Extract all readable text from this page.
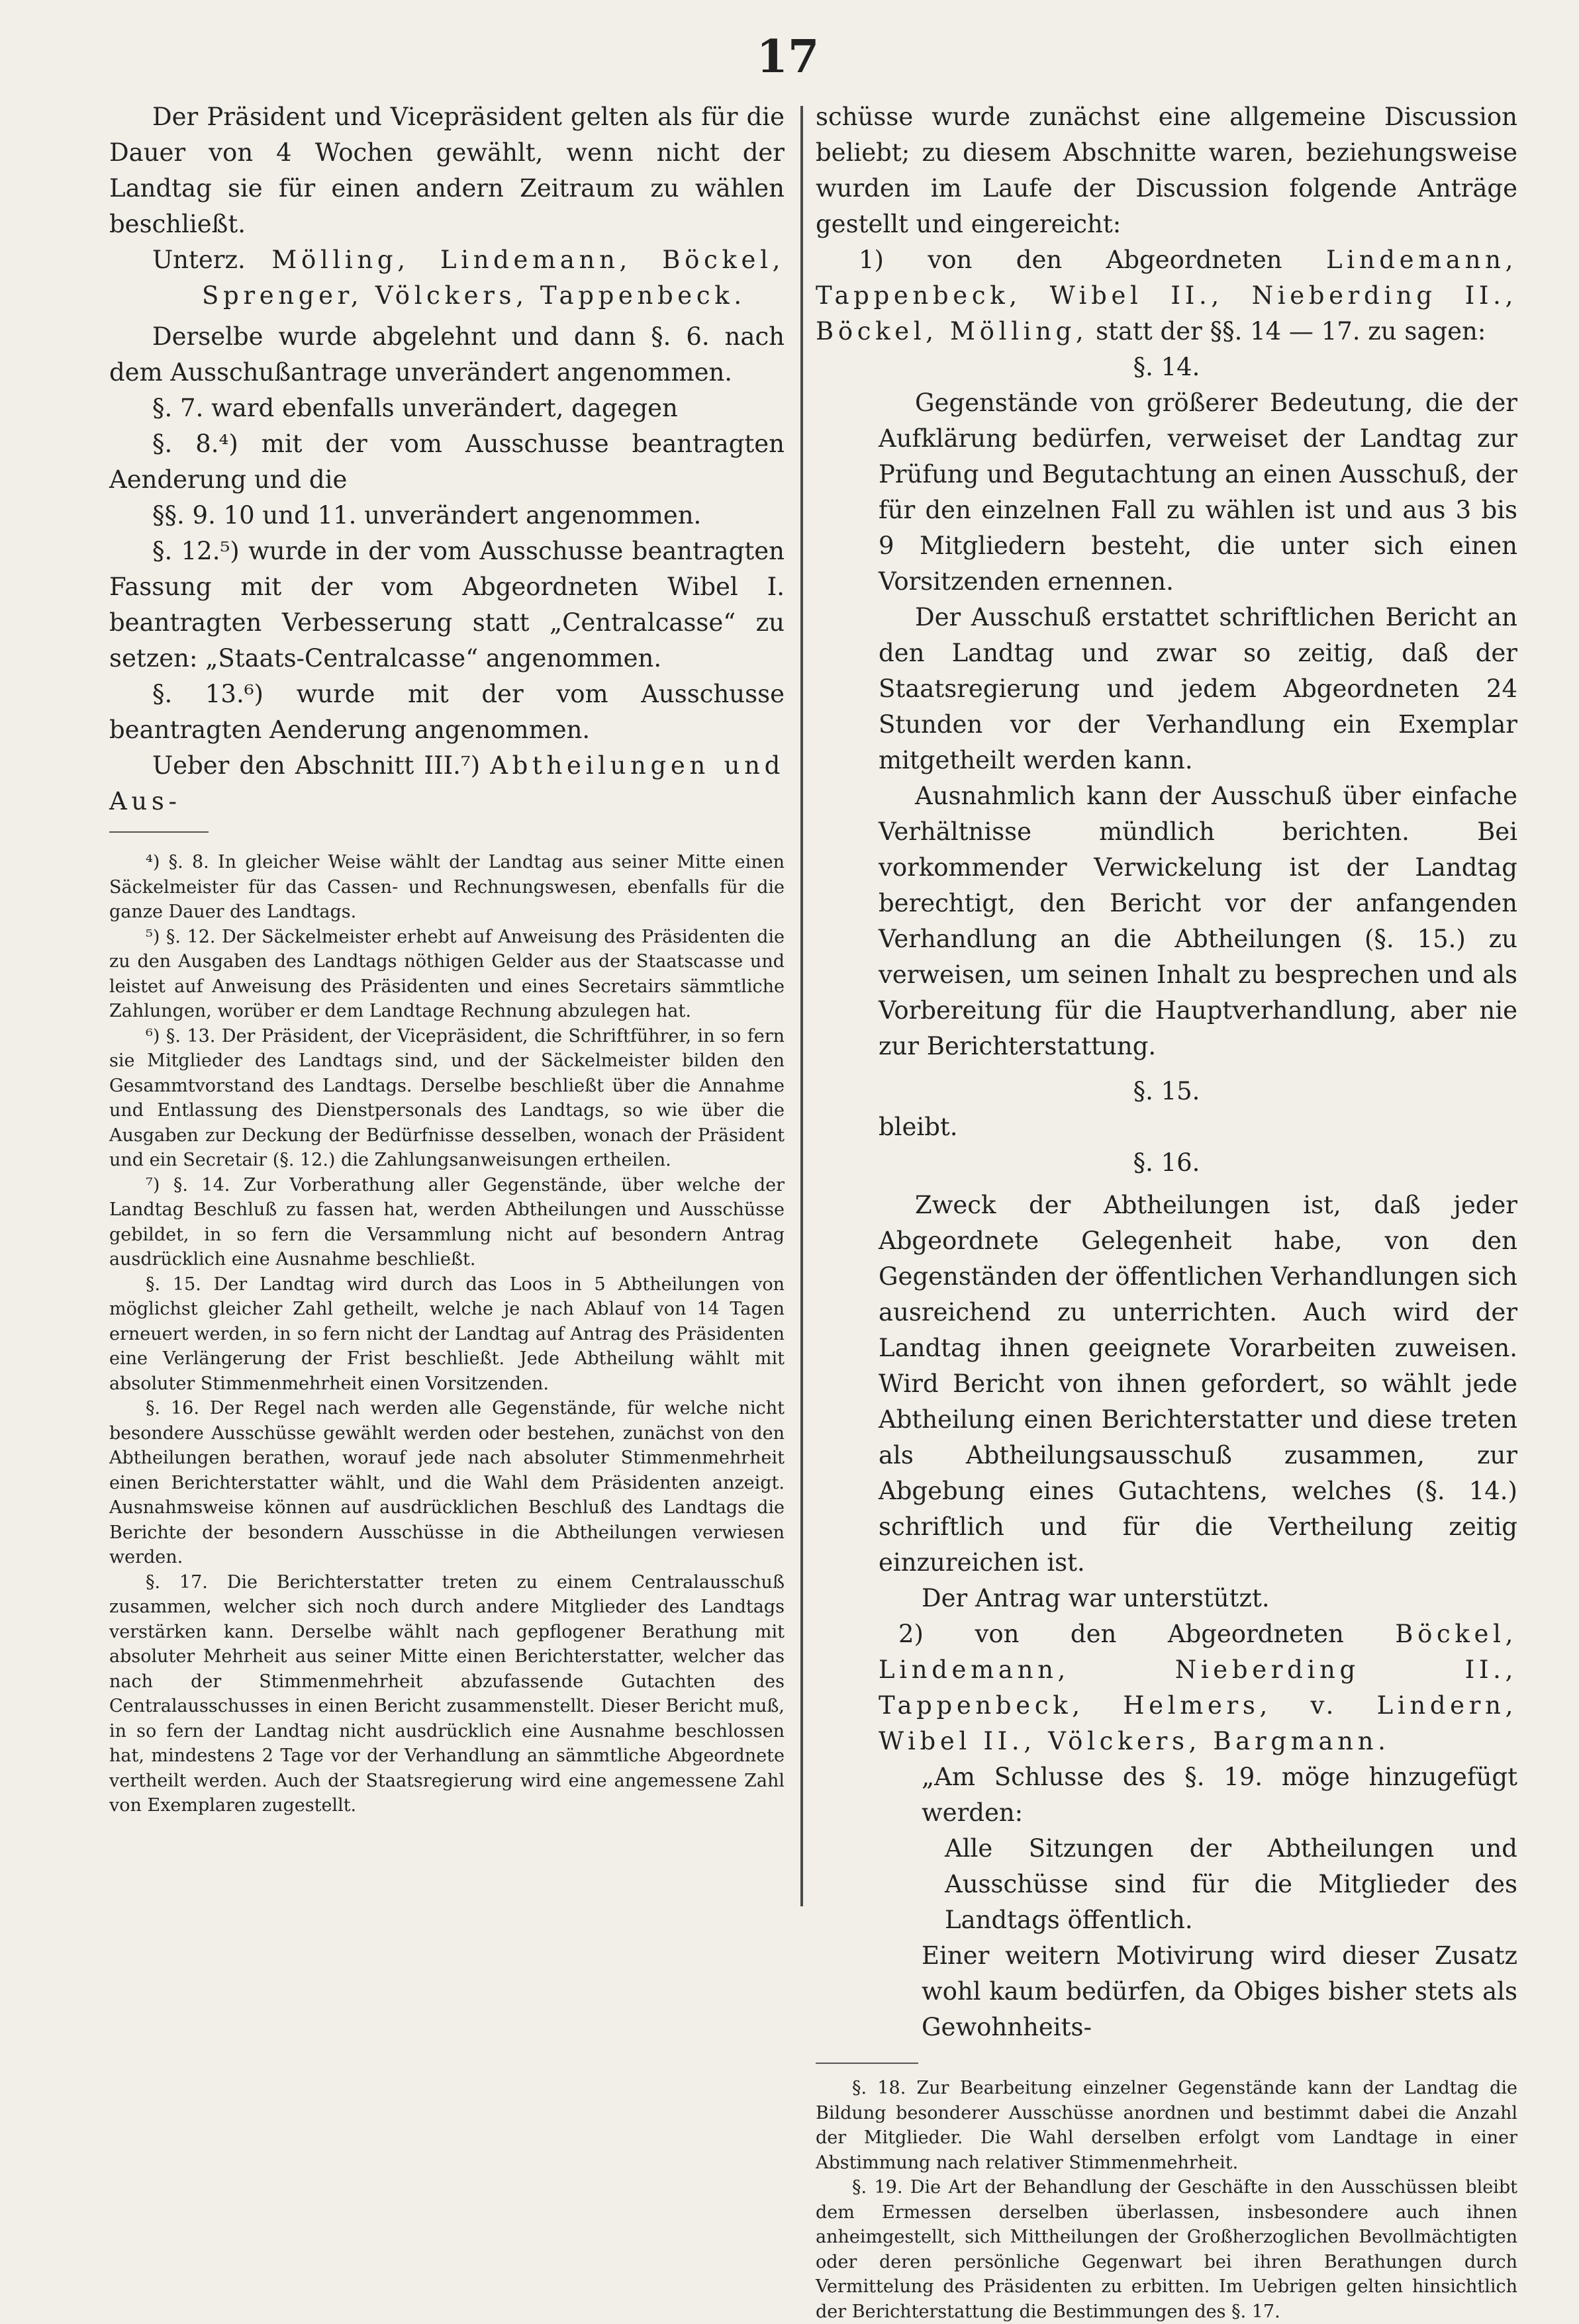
17

Der Präsident und Vicepräsident gelten als für die Dauer von 4 Wochen gewählt, wenn nicht der Landtag sie für einen andern Zeitraum zu wählen beschließt.

Unterz. Mölling, Lindemann, Böckel, Sprenger, Völckers, Tappenbeck.

Derselbe wurde abgelehnt und dann §. 6. nach dem Ausschußantrage unverändert angenommen.

§. 7. ward ebenfalls unverändert, dagegen

§. 8.⁴) mit der vom Ausschusse beantragten Aenderung und die

§§. 9. 10 und 11. unverändert angenommen.

§. 12.⁵) wurde in der vom Ausschusse beantragten Fassung mit der vom Abgeordneten Wibel I. beantragten Verbesserung statt „Centralcasse“ zu setzen: „Staats-Centralcasse“ angenommen.

§. 13.⁶) wurde mit der vom Ausschusse beantragten Aenderung angenommen.

Ueber den Abschnitt III.⁷) Abtheilungen und Aus-

⁴) §. 8. In gleicher Weise wählt der Landtag aus seiner Mitte einen Säckelmeister für das Cassen- und Rechnungswesen, ebenfalls für die ganze Dauer des Landtags.

⁵) §. 12. Der Säckelmeister erhebt auf Anweisung des Präsidenten die zu den Ausgaben des Landtags nöthigen Gelder aus der Staatscasse und leistet auf Anweisung des Präsidenten und eines Secretairs sämmtliche Zahlungen, worüber er dem Landtage Rechnung abzulegen hat.

⁶) §. 13. Der Präsident, der Vicepräsident, die Schriftführer, in so fern sie Mitglieder des Landtags sind, und der Säckelmeister bilden den Gesammtvorstand des Landtags. Derselbe beschließt über die Annahme und Entlassung des Dienstpersonals des Landtags, so wie über die Ausgaben zur Deckung der Bedürfnisse desselben, wonach der Präsident und ein Secretair (§. 12.) die Zahlungsanweisungen ertheilen.

⁷) §. 14. Zur Vorberathung aller Gegenstände, über welche der Landtag Beschluß zu fassen hat, werden Abtheilungen und Ausschüsse gebildet, in so fern die Versammlung nicht auf besondern Antrag ausdrücklich eine Ausnahme beschließt.

§. 15. Der Landtag wird durch das Loos in 5 Abtheilungen von möglichst gleicher Zahl getheilt, welche je nach Ablauf von 14 Tagen erneuert werden, in so fern nicht der Landtag auf Antrag des Präsidenten eine Verlängerung der Frist beschließt. Jede Abtheilung wählt mit absoluter Stimmenmehrheit einen Vorsitzenden.

§. 16. Der Regel nach werden alle Gegenstände, für welche nicht besondere Ausschüsse gewählt werden oder bestehen, zunächst von den Abtheilungen berathen, worauf jede nach absoluter Stimmenmehrheit einen Berichterstatter wählt, und die Wahl dem Präsidenten anzeigt. Ausnahmsweise können auf ausdrücklichen Beschluß des Landtags die Berichte der besondern Ausschüsse in die Abtheilungen verwiesen werden.

§. 17. Die Berichterstatter treten zu einem Centralausschuß zusammen, welcher sich noch durch andere Mitglieder des Landtags verstärken kann. Derselbe wählt nach gepflogener Berathung mit absoluter Mehrheit aus seiner Mitte einen Berichterstatter, welcher das nach der Stimmenmehrheit abzufassende Gutachten des Centralausschusses in einen Bericht zusammenstellt. Dieser Bericht muß, in so fern der Landtag nicht ausdrücklich eine Ausnahme beschlossen hat, mindestens 2 Tage vor der Verhandlung an sämmtliche Abgeordnete vertheilt werden. Auch der Staatsregierung wird eine angemessene Zahl von Exemplaren zugestellt.

schüsse wurde zunächst eine allgemeine Discussion beliebt; zu diesem Abschnitte waren, beziehungsweise wurden im Laufe der Discussion folgende Anträge gestellt und eingereicht:

1) von den Abgeordneten Lindemann, Tappenbeck, Wibel II., Nieberding II., Böckel, Mölling, statt der §§. 14 — 17. zu sagen:

§. 14.

Gegenstände von größerer Bedeutung, die der Aufklärung bedürfen, verweiset der Landtag zur Prüfung und Begutachtung an einen Ausschuß, der für den einzelnen Fall zu wählen ist und aus 3 bis 9 Mitgliedern besteht, die unter sich einen Vorsitzenden ernennen.

Der Ausschuß erstattet schriftlichen Bericht an den Landtag und zwar so zeitig, daß der Staatsregierung und jedem Abgeordneten 24 Stunden vor der Verhandlung ein Exemplar mitgetheilt werden kann.

Ausnahmlich kann der Ausschuß über einfache Verhältnisse mündlich berichten. Bei vorkommender Verwickelung ist der Landtag berechtigt, den Bericht vor der anfangenden Verhandlung an die Abtheilungen (§. 15.) zu verweisen, um seinen Inhalt zu besprechen und als Vorbereitung für die Hauptverhandlung, aber nie zur Berichterstattung.

§. 15.

bleibt.

§. 16.

Zweck der Abtheilungen ist, daß jeder Abgeordnete Gelegenheit habe, von den Gegenständen der öffentlichen Verhandlungen sich ausreichend zu unterrichten. Auch wird der Landtag ihnen geeignete Vorarbeiten zuweisen. Wird Bericht von ihnen gefordert, so wählt jede Abtheilung einen Berichterstatter und diese treten als Abtheilungsausschuß zusammen, zur Abgebung eines Gutachtens, welches (§. 14.) schriftlich und für die Vertheilung zeitig einzureichen ist.

Der Antrag war unterstützt.

2) von den Abgeordneten Böckel, Lindemann, Nieberding II., Tappenbeck, Helmers, v. Lindern, Wibel II., Völckers, Bargmann.

„Am Schlusse des §. 19. möge hinzugefügt werden:

Alle Sitzungen der Abtheilungen und Ausschüsse sind für die Mitglieder des Landtags öffentlich.

Einer weitern Motivirung wird dieser Zusatz wohl kaum bedürfen, da Obiges bisher stets als Gewohnheits-

§. 18. Zur Bearbeitung einzelner Gegenstände kann der Landtag die Bildung besonderer Ausschüsse anordnen und bestimmt dabei die Anzahl der Mitglieder. Die Wahl derselben erfolgt vom Landtage in einer Abstimmung nach relativer Stimmenmehrheit.

§. 19. Die Art der Behandlung der Geschäfte in den Ausschüssen bleibt dem Ermessen derselben überlassen, insbesondere auch ihnen anheimgestellt, sich Mittheilungen der Großherzoglichen Bevollmächtigten oder deren persönliche Gegenwart bei ihren Berathungen durch Vermittelung des Präsidenten zu erbitten. Im Uebrigen gelten hinsichtlich der Berichterstattung die Bestimmungen des §. 17.
